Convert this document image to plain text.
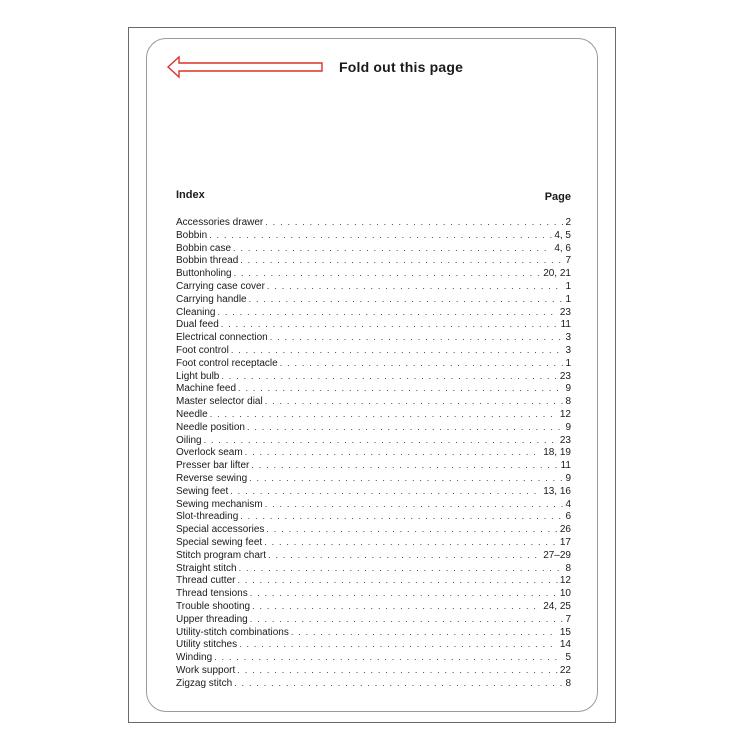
Fold out this page
Index	Page
Accessories drawer . . .	2
Bobbin . . .	4, 5
Bobbin case . . .	4, 6
Bobbin thread . . .	7
Buttonholing . . .	20, 21
Carrying case cover . . .	1
Carrying handle . . .	1
Cleaning . . .	23
Dual feed . . .	11
Electrical connection . . .	3
Foot control . . .	3
Foot control receptacle . . .	1
Light bulb . . .	23
Machine feed . . .	9
Master selector dial . . .	8
Needle . . .	12
Needle position . . .	9
Oiling . . .	23
Overlock seam . . .	18, 19
Presser bar lifter . . .	11
Reverse sewing . . .	9
Sewing feet . . .	13, 16
Sewing mechanism . . .	4
Slot-threading . . .	6
Special accessories . . .	26
Special sewing feet . . .	17
Stitch program chart . . .	27–29
Straight stitch . . .	8
Thread cutter . . .	12
Thread tensions . . .	10
Trouble shooting . . .	24, 25
Upper threading . . .	7
Utility-stitch combinations . . .	15
Utility stitches . . .	14
Winding . . .	5
Work support . . .	22
Zigzag stitch . . .	8
